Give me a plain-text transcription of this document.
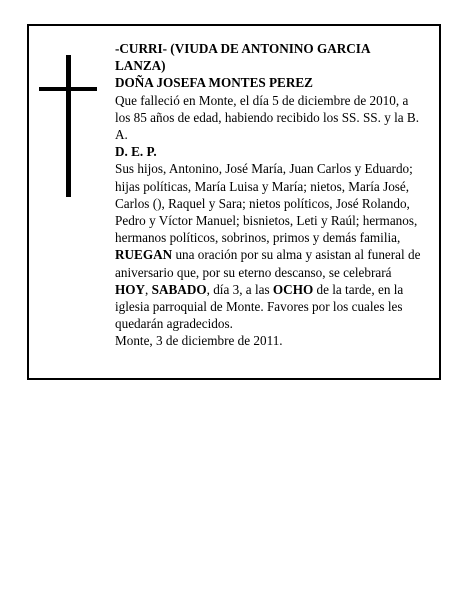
-CURRI- (VIUDA DE ANTONINO GARCIA LANZA)

DOÑA JOSEFA MONTES PEREZ

Que falleció en Monte, el día 5 de diciembre de 2010, a los 85 años de edad, habiendo recibido los SS. SS. y la B. A.

D. E. P.

Sus hijos, Antonino, José María, Juan Carlos y Eduardo; hijas políticas, María Luisa y María; nietos, María José, Carlos (), Raquel y Sara; nietos políticos, José Rolando, Pedro y Víctor Manuel; bisnietos, Leti y Raúl; hermanos, hermanos políticos, sobrinos, primos y demás familia,

RUEGAN una oración por su alma y asistan al funeral de aniversario que, por su eterno descanso, se celebrará HOY, SABADO, día 3, a las OCHO de la tarde, en la iglesia parroquial de Monte. Favores por los cuales les quedarán agradecidos.

Monte, 3 de diciembre de 2011.
